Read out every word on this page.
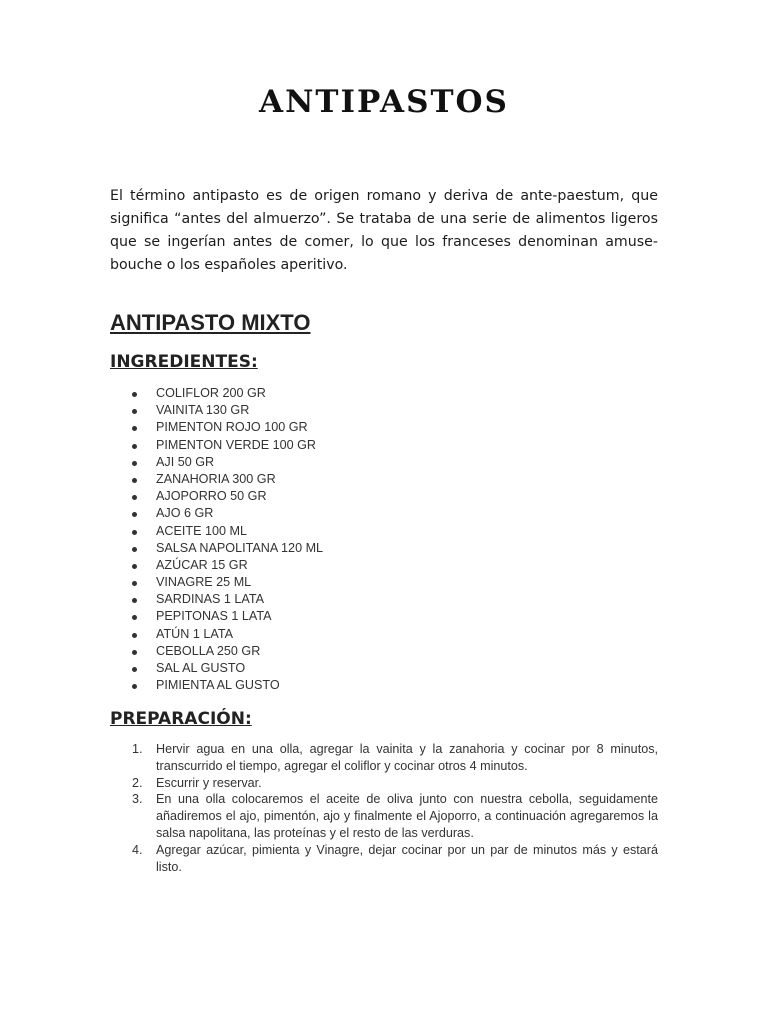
ANTIPASTOS

El término antipasto es de origen romano y deriva de ante-paestum, que significa “antes del almuerzo”. Se trataba de una serie de alimentos ligeros que se ingerían antes de comer, lo que los franceses denominan amuse-bouche o los españoles aperitivo.

ANTIPASTO MIXTO
INGREDIENTES:
COLIFLOR 200 GR
VAINITA 130 GR
PIMENTON ROJO 100 GR
PIMENTON VERDE 100 GR
AJI 50 GR
ZANAHORIA 300 GR
AJOPORRO 50 GR
AJO 6 GR
ACEITE 100 ML
SALSA NAPOLITANA 120 ML
AZÚCAR 15 GR
VINAGRE 25 ML
SARDINAS 1 LATA
PEPITONAS 1 LATA
ATÚN 1 LATA
CEBOLLA 250 GR
SAL AL GUSTO
PIMIENTA AL GUSTO
PREPARACIÓN:
1. Hervir agua en una olla, agregar la vainita y la zanahoria y cocinar por 8 minutos, transcurrido el tiempo, agregar el coliflor y cocinar otros 4 minutos.
2. Escurrir y reservar.
3. En una olla colocaremos el aceite de oliva junto con nuestra cebolla, seguidamente añadiremos el ajo, pimentón, ajo y finalmente el Ajoporro, a continuación agregaremos la salsa napolitana, las proteínas y el resto de las verduras.
4. Agregar azúcar, pimienta y Vinagre, dejar cocinar por un par de minutos más y estará listo.
